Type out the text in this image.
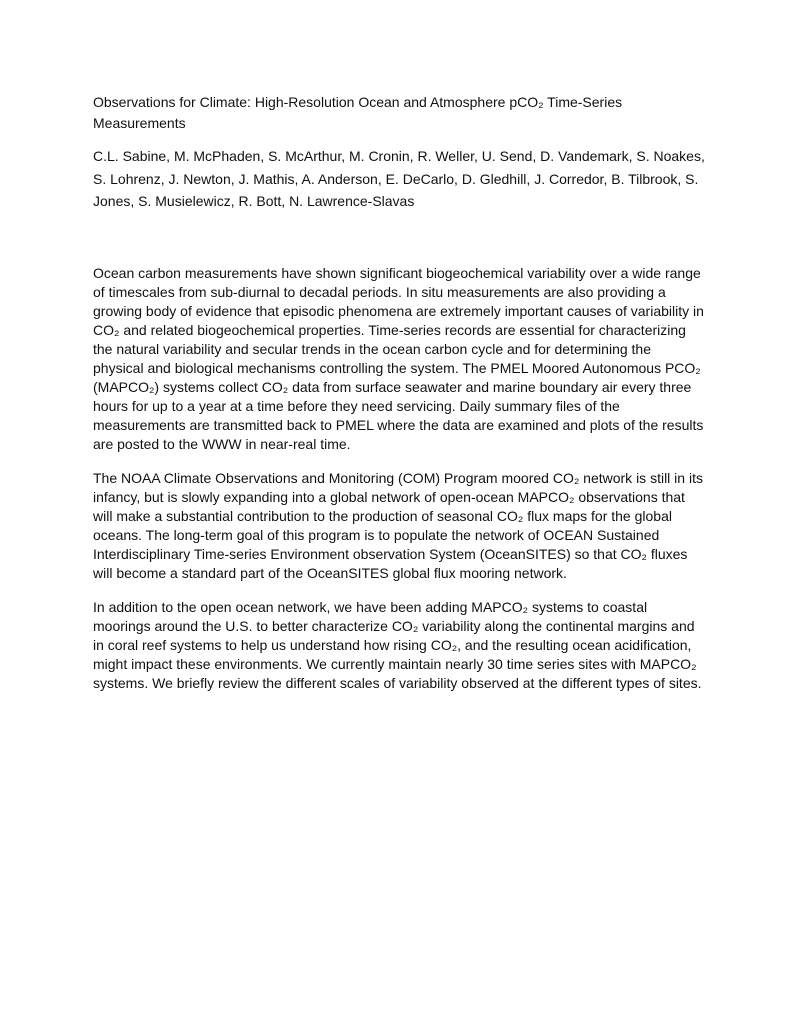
Observations for Climate: High-Resolution Ocean and Atmosphere pCO₂ Time-Series Measurements

C.L. Sabine, M. McPhaden, S. McArthur, M. Cronin, R. Weller, U. Send, D. Vandemark, S. Noakes, S. Lohrenz, J. Newton, J. Mathis, A. Anderson, E. DeCarlo, D. Gledhill, J. Corredor, B. Tilbrook, S. Jones, S. Musielewicz, R. Bott, N. Lawrence-Slavas

Ocean carbon measurements have shown significant biogeochemical variability over a wide range of timescales from sub-diurnal to decadal periods. In situ measurements are also providing a growing body of evidence that episodic phenomena are extremely important causes of variability in CO₂ and related biogeochemical properties. Time-series records are essential for characterizing the natural variability and secular trends in the ocean carbon cycle and for determining the physical and biological mechanisms controlling the system. The PMEL Moored Autonomous PCO₂ (MAPCO₂) systems collect CO₂ data from surface seawater and marine boundary air every three hours for up to a year at a time before they need servicing. Daily summary files of the measurements are transmitted back to PMEL where the data are examined and plots of the results are posted to the WWW in near-real time.

The NOAA Climate Observations and Monitoring (COM) Program moored CO₂ network is still in its infancy, but is slowly expanding into a global network of open-ocean MAPCO₂ observations that will make a substantial contribution to the production of seasonal CO₂ flux maps for the global oceans. The long-term goal of this program is to populate the network of OCEAN Sustained Interdisciplinary Time-series Environment observation System (OceanSITES) so that CO₂ fluxes will become a standard part of the OceanSITES global flux mooring network.

In addition to the open ocean network, we have been adding MAPCO₂ systems to coastal moorings around the U.S. to better characterize CO₂ variability along the continental margins and in coral reef systems to help us understand how rising CO₂, and the resulting ocean acidification, might impact these environments. We currently maintain nearly 30 time series sites with MAPCO₂ systems. We briefly review the different scales of variability observed at the different types of sites.
